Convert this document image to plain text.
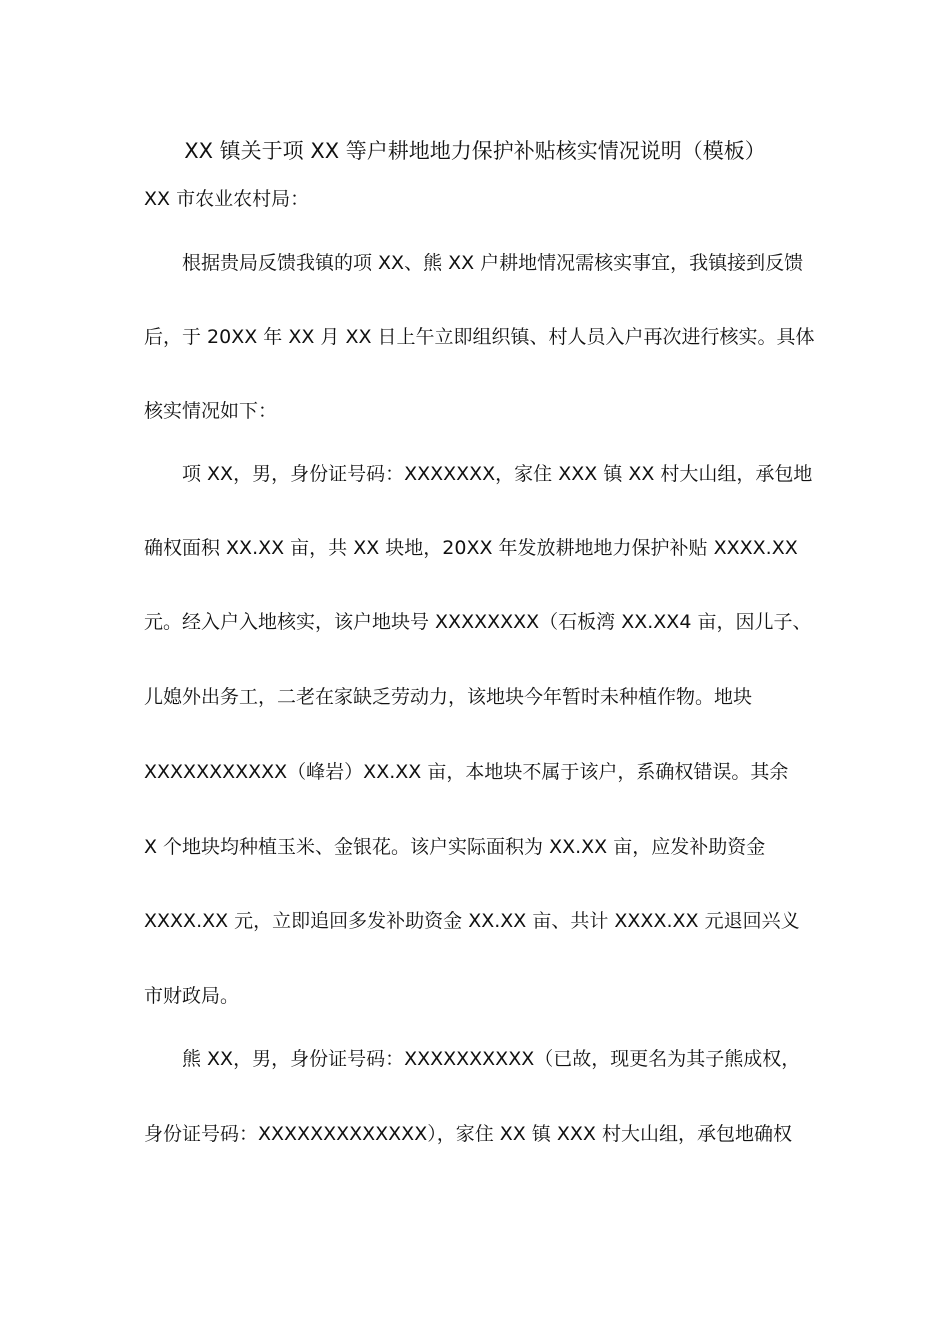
XX 镇关于项 XX 等户耕地地力保护补贴核实情况说明（模板）
XX 市农业农村局：
根据贵局反馈我镇的项 XX、熊 XX 户耕地情况需核实事宜，我镇接到反馈
后，于 20XX 年 XX 月 XX 日上午立即组织镇、村人员入户再次进行核实。具体
核实情况如下：
项 XX，男，身份证号码：XXXXXXX，家住 XXX 镇 XX 村大山组，承包地
确权面积 XX.XX 亩，共 XX 块地，20XX 年发放耕地地力保护补贴 XXXX.XX
元。经入户入地核实，该户地块号 XXXXXXXX（石板湾 XX.XX4 亩，因儿子、
儿媳外出务工，二老在家缺乏劳动力，该地块今年暂时未种植作物。地块
XXXXXXXXXXX（峰岩）XX.XX 亩，本地块不属于该户，系确权错误。其余
X 个地块均种植玉米、金银花。该户实际面积为 XX.XX 亩，应发补助资金
XXXX.XX 元，立即追回多发补助资金 XX.XX 亩、共计 XXXX.XX 元退回兴义
市财政局。
熊 XX，男，身份证号码：XXXXXXXXXX（已故，现更名为其子熊成权，
身份证号码：XXXXXXXXXXXXX），家住 XX 镇 XXX 村大山组，承包地确权
